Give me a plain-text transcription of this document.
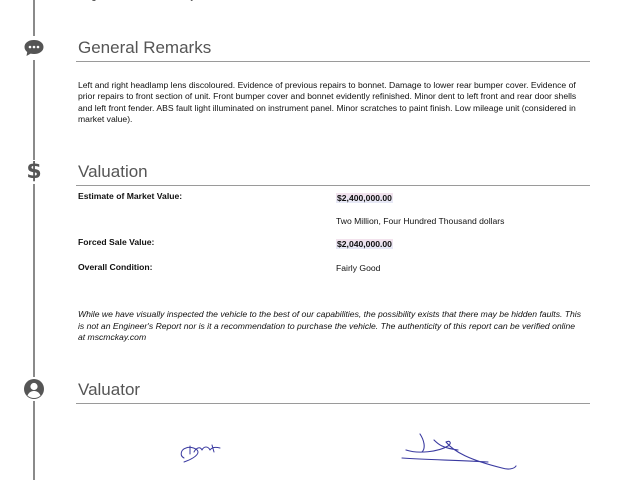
General Remarks
Left and right headlamp lens discoloured. Evidence of previous repairs to bonnet. Damage to lower rear bumper cover. Evidence of prior repairs to front section of unit. Front bumper cover and bonnet evidently refinished. Minor dent to left front and rear door shells and left front fender. ABS fault light illuminated on instrument panel. Minor scratches to paint finish. Low mileage unit (considered in market value).
$ Valuation
Estimate of Market Value:	$2,400,000.00
Two Million, Four Hundred Thousand dollars
Forced Sale Value:	$2,040,000.00
Overall Condition:	Fairly Good
While we have visually inspected the vehicle to the best of our capabilities, the possibility exists that there may be hidden faults. This is not an Engineer's Report nor is it a recommendation to purchase the vehicle. The authenticity of this report can be verified online at mscmckay.com
Valuator
